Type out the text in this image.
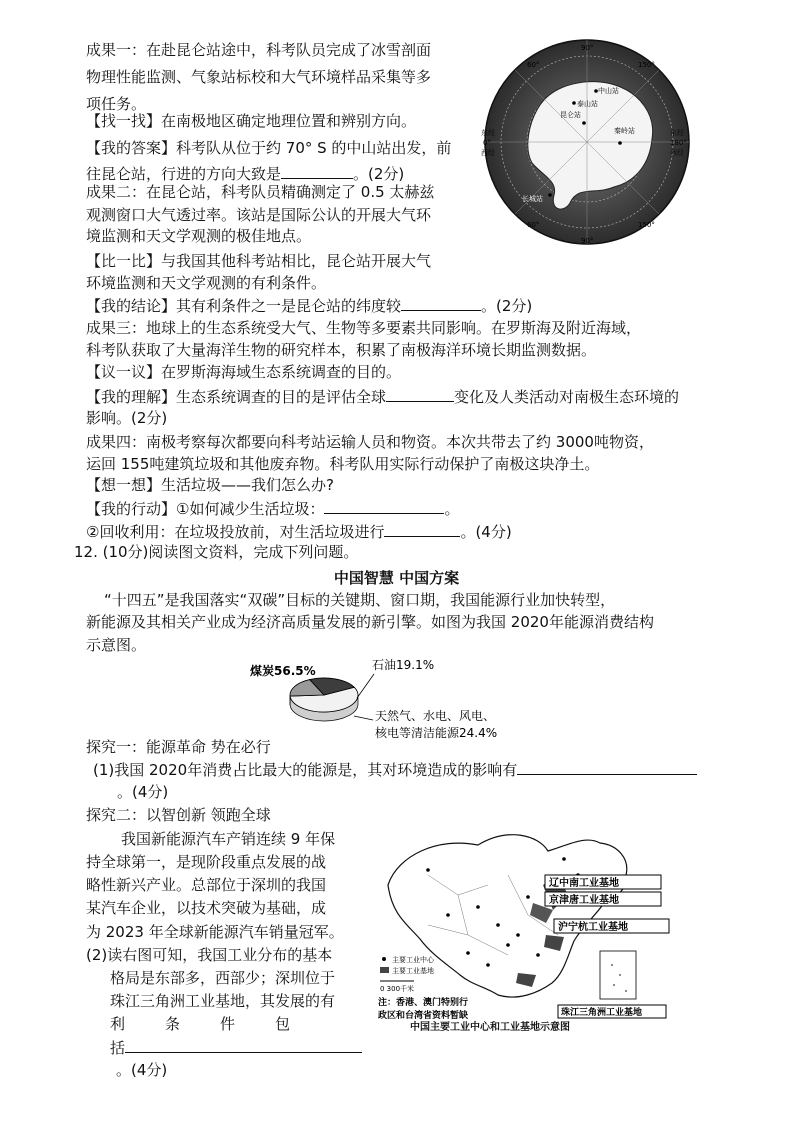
成果一：在赴昆仑站途中，科考队员完成了冰雪剖面

物理性能监测、气象站标校和大气环境样品采集等多

项任务。

【找一找】在南极地区确定地理位置和辨别方向。

【我的答案】科考队从位于约 70° S 的中山站出发，前

往昆仑站，行进的方向大致是	。(2分)

成果二：在昆仑站，科考队员精确测定了 0.5 太赫兹

观测窗口大气透过率。该站是国际公认的开展大气环

境监测和天文学观测的极佳地点。

【比一比】与我国其他科考站相比，昆仑站开展大气

环境监测和天文学观测的有利条件。

【我的结论】其有利条件之一是昆仑站的纬度较	。(2分)

成果三：地球上的生态系统受大气、生物等多要素共同影响。在罗斯海及附近海域，

科考队获取了大量海洋生物的研究样本，积累了南极海洋环境长期监测数据。

【议一议】在罗斯海海域生态系统调查的目的。

【我的理解】生态系统调查的目的是评估全球	变化及人类活动对南极生态环境的

影响。(2分)

成果四：南极考察每次都要向科考站运输人员和物资。本次共带去了约 3000吨物资，

运回 155吨建筑垃圾和其他废弃物。科考队用实际行动保护了南极这块净土。

【想一想】生活垃圾——我们怎么办?

【我的行动】①如何减少生活垃圾：	。

②回收利用：在垃圾投放前，对生活垃圾进行	。(4分)

90°
60°	150°
东经
0°
西经
东经
180°
西经
60°
90°
150°
泰山站
昆仑站
中山站
长城站
秦岭站

12. (10分)阅读图文资料，完成下列问题。

中国智慧 中国方案

“十四五”是我国落实“双碳”目标的关键期、窗口期，我国能源行业加快转型，

新能源及其相关产业成为经济高质量发展的新引擎。如图为我国 2020年能源消费结构

示意图。

煤炭56.5%	石油19.1%
天然气、水电、风电、
核电等清洁能源24.4%

探究一：能源革命 势在必行

(1)我国 2020年消费占比最大的能源是，其对环境造成的影响有

。(4分)

探究二：以智创新 领跑全球

我国新能源汽车产销连续 9 年保

持全球第一，是现阶段重点发展的战

略性新兴产业。总部位于深圳的我国

某汽车企业，以技术突破为基础，成

为 2023 年全球新能源汽车销量冠军。

(2)读右图可知，我国工业分布的基本

格局是东部多，西部少；深圳位于

珠江三角洲工业基地，其发展的有

利条件包

括

。(4分)

辽中南工业基地
京津唐工业基地
沪宁杭工业基地
珠江三角洲工业基地
主要工业中心
主要工业基地
0 300千米
注：香港、澳门特别行
政区和台湾省资料暂缺

中国主要工业中心和工业基地示意图
